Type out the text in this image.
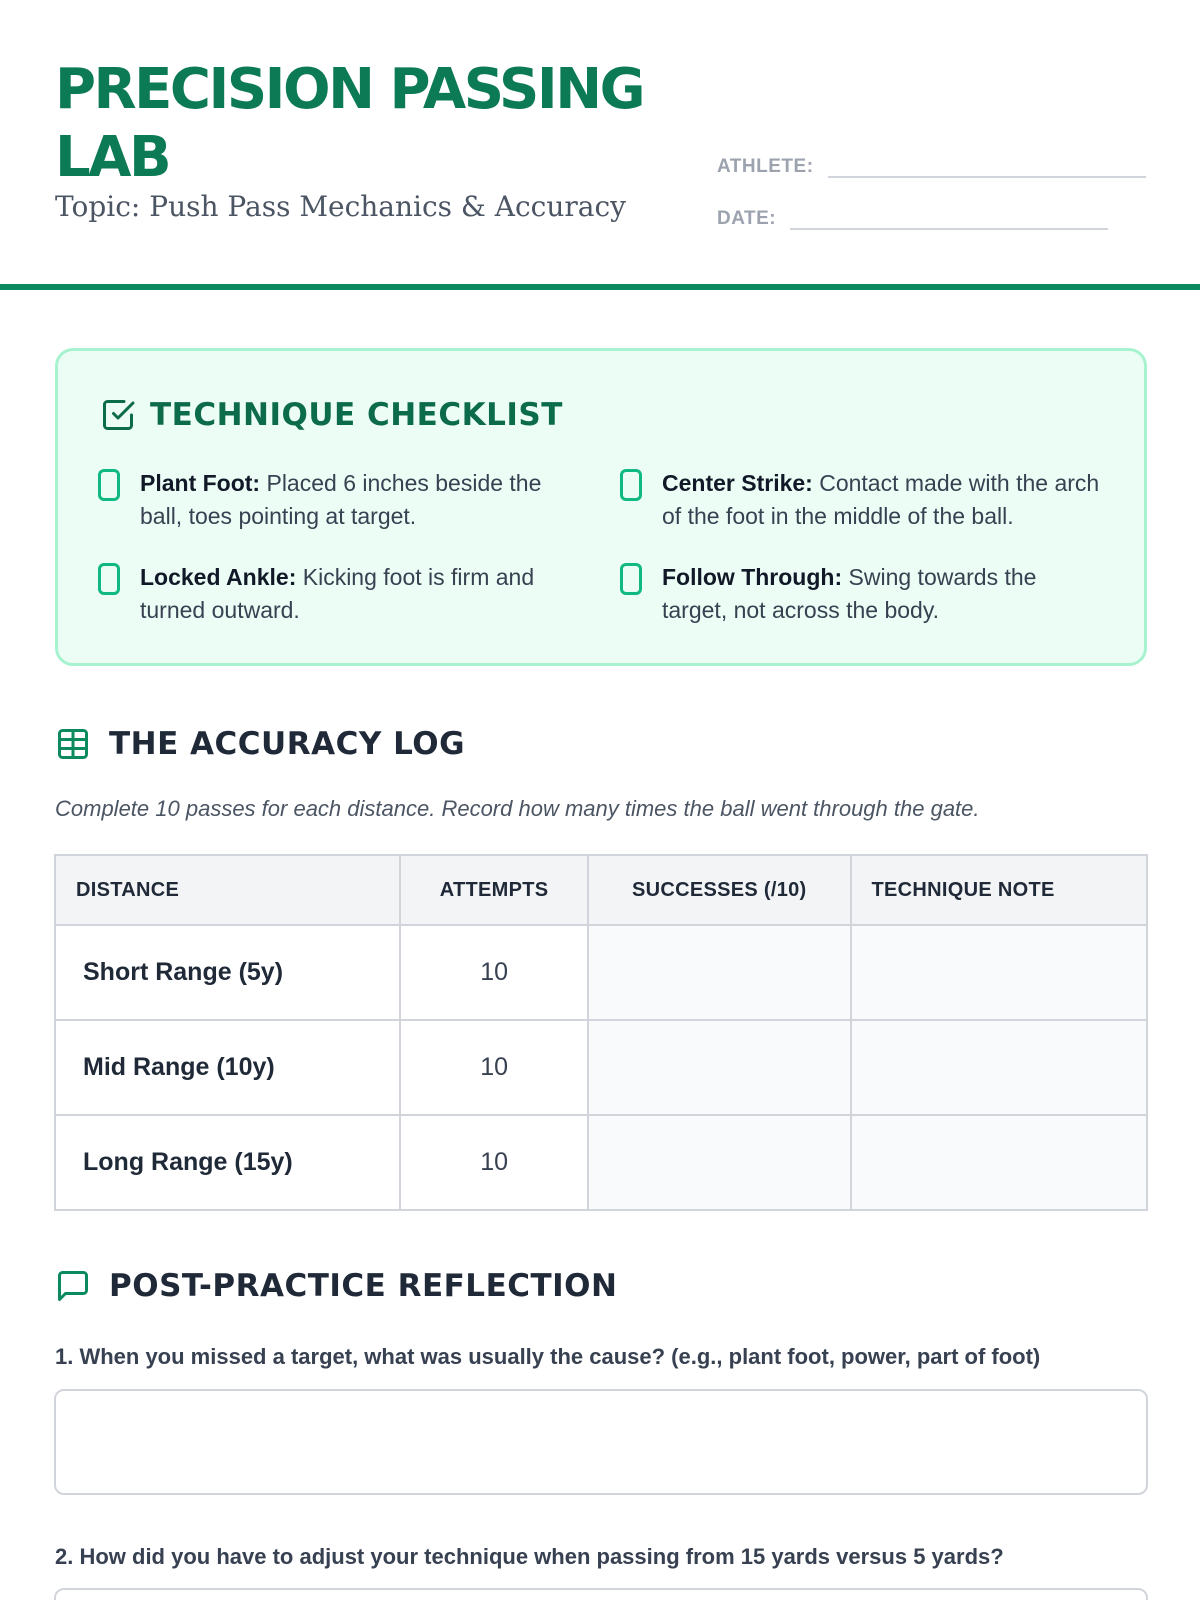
PRECISION PASSING LAB
Topic: Push Pass Mechanics & Accuracy
ATHLETE:
DATE:
TECHNIQUE CHECKLIST
Plant Foot: Placed 6 inches beside the ball, toes pointing at target.
Center Strike: Contact made with the arch of the foot in the middle of the ball.
Locked Ankle: Kicking foot is firm and turned outward.
Follow Through: Swing towards the target, not across the body.
THE ACCURACY LOG
Complete 10 passes for each distance. Record how many times the ball went through the gate.
DISTANCE	ATTEMPTS	SUCCESSES (/10)	TECHNIQUE NOTE
Short Range (5y)	10		
Mid Range (10y)	10		
Long Range (15y)	10		
POST-PRACTICE REFLECTION
1. When you missed a target, what was usually the cause? (e.g., plant foot, power, part of foot)
2. How did you have to adjust your technique when passing from 15 yards versus 5 yards?
